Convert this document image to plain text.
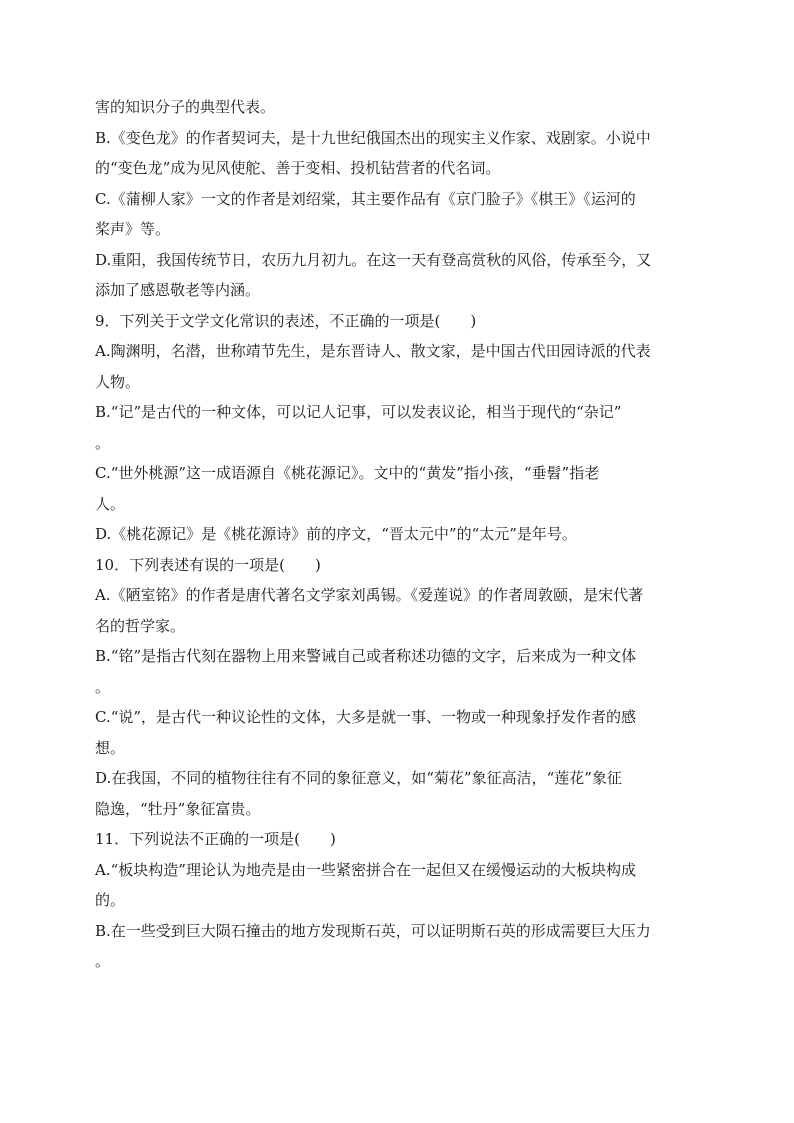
害的知识分子的典型代表。
B.《变色龙》的作者契诃夫，是十九世纪俄国杰出的现实主义作家、戏剧家。小说中
的“变色龙”成为见风使舵、善于变相、投机钻营者的代名词。
C.《蒲柳人家》一文的作者是刘绍棠，其主要作品有《京门脸子》《棋王》《运河的
桨声》等。
D.重阳，我国传统节日，农历九月初九。在这一天有登高赏秋的风俗，传承至今，又
添加了感恩敬老等内涵。
9．下列关于文学文化常识的表述，不正确的一项是(　　)
A.陶渊明，名潜，世称靖节先生，是东晋诗人、散文家，是中国古代田园诗派的代表
人物。
B.“记”是古代的一种文体，可以记人记事，可以发表议论，相当于现代的“杂记”
。
C.“世外桃源”这一成语源自《桃花源记》。文中的“黄发”指小孩，“垂髫”指老
人。
D.《桃花源记》是《桃花源诗》前的序文，“晋太元中”的“太元”是年号。
10．下列表述有误的一项是(　　)
A.《陋室铭》的作者是唐代著名文学家刘禹锡。《爱莲说》的作者周敦颐，是宋代著
名的哲学家。
B.“铭”是指古代刻在器物上用来警诫自己或者称述功德的文字，后来成为一种文体
。
C.“说”，是古代一种议论性的文体，大多是就一事、一物或一种现象抒发作者的感
想。
D.在我国，不同的植物往往有不同的象征意义，如“菊花”象征高洁，“莲花”象征
隐逸，“牡丹”象征富贵。
11．下列说法不正确的一项是(　　)
A.“板块构造”理论认为地壳是由一些紧密拼合在一起但又在缓慢运动的大板块构成
的。
B.在一些受到巨大陨石撞击的地方发现斯石英，可以证明斯石英的形成需要巨大压力
。
